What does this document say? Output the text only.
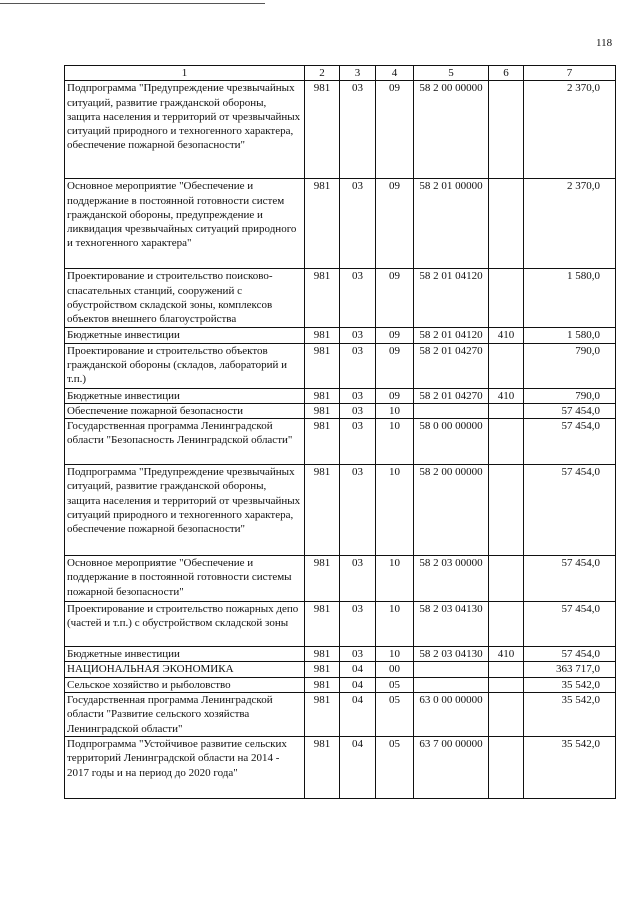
118
1	2	3	4	5	6	7
Подпрограмма "Предупреждение чрезвычайных ситуаций, развитие гражданской обороны, защита населения и территорий от чрезвычайных ситуаций природного и техногенного характера, обеспечение пожарной безопасности"	981	03	09	58 2 00 00000		2 370,0
Основное мероприятие "Обеспечение и поддержание в постоянной готовности систем гражданской обороны, предупреждение и ликвидация чрезвычайных ситуаций природного и техногенного характера"	981	03	09	58 2 01 00000		2 370,0
Проектирование и строительство поисково-спасательных станций, сооружений с обустройством складской зоны, комплексов объектов внешнего благоустройства	981	03	09	58 2 01 04120		1 580,0
Бюджетные инвестиции	981	03	09	58 2 01 04120	410	1 580,0
Проектирование и строительство объектов гражданской обороны (складов, лабораторий и т.п.)	981	03	09	58 2 01 04270		790,0
Бюджетные инвестиции	981	03	09	58 2 01 04270	410	790,0
Обеспечение пожарной безопасности	981	03	10			57 454,0
Государственная программа Ленинградской области "Безопасность Ленинградской области"	981	03	10	58 0 00 00000		57 454,0
Подпрограмма "Предупреждение чрезвычайных ситуаций, развитие гражданской обороны, защита населения и территорий от чрезвычайных ситуаций природного и техногенного характера, обеспечение пожарной безопасности"	981	03	10	58 2 00 00000		57 454,0
Основное мероприятие "Обеспечение и поддержание в постоянной готовности системы пожарной безопасности"	981	03	10	58 2 03 00000		57 454,0
Проектирование и строительство пожарных депо (частей и т.п.) с обустройством складской зоны	981	03	10	58 2 03 04130		57 454,0
Бюджетные инвестиции	981	03	10	58 2 03 04130	410	57 454,0
НАЦИОНАЛЬНАЯ ЭКОНОМИКА	981	04	00			363 717,0
Сельское хозяйство и рыболовство	981	04	05			35 542,0
Государственная программа Ленинградской области "Развитие сельского хозяйства Ленинградской области"	981	04	05	63 0 00 00000		35 542,0
Подпрограмма "Устойчивое развитие сельских территорий Ленинградской области на 2014 - 2017 годы и на период до 2020 года"	981	04	05	63 7 00 00000		35 542,0
